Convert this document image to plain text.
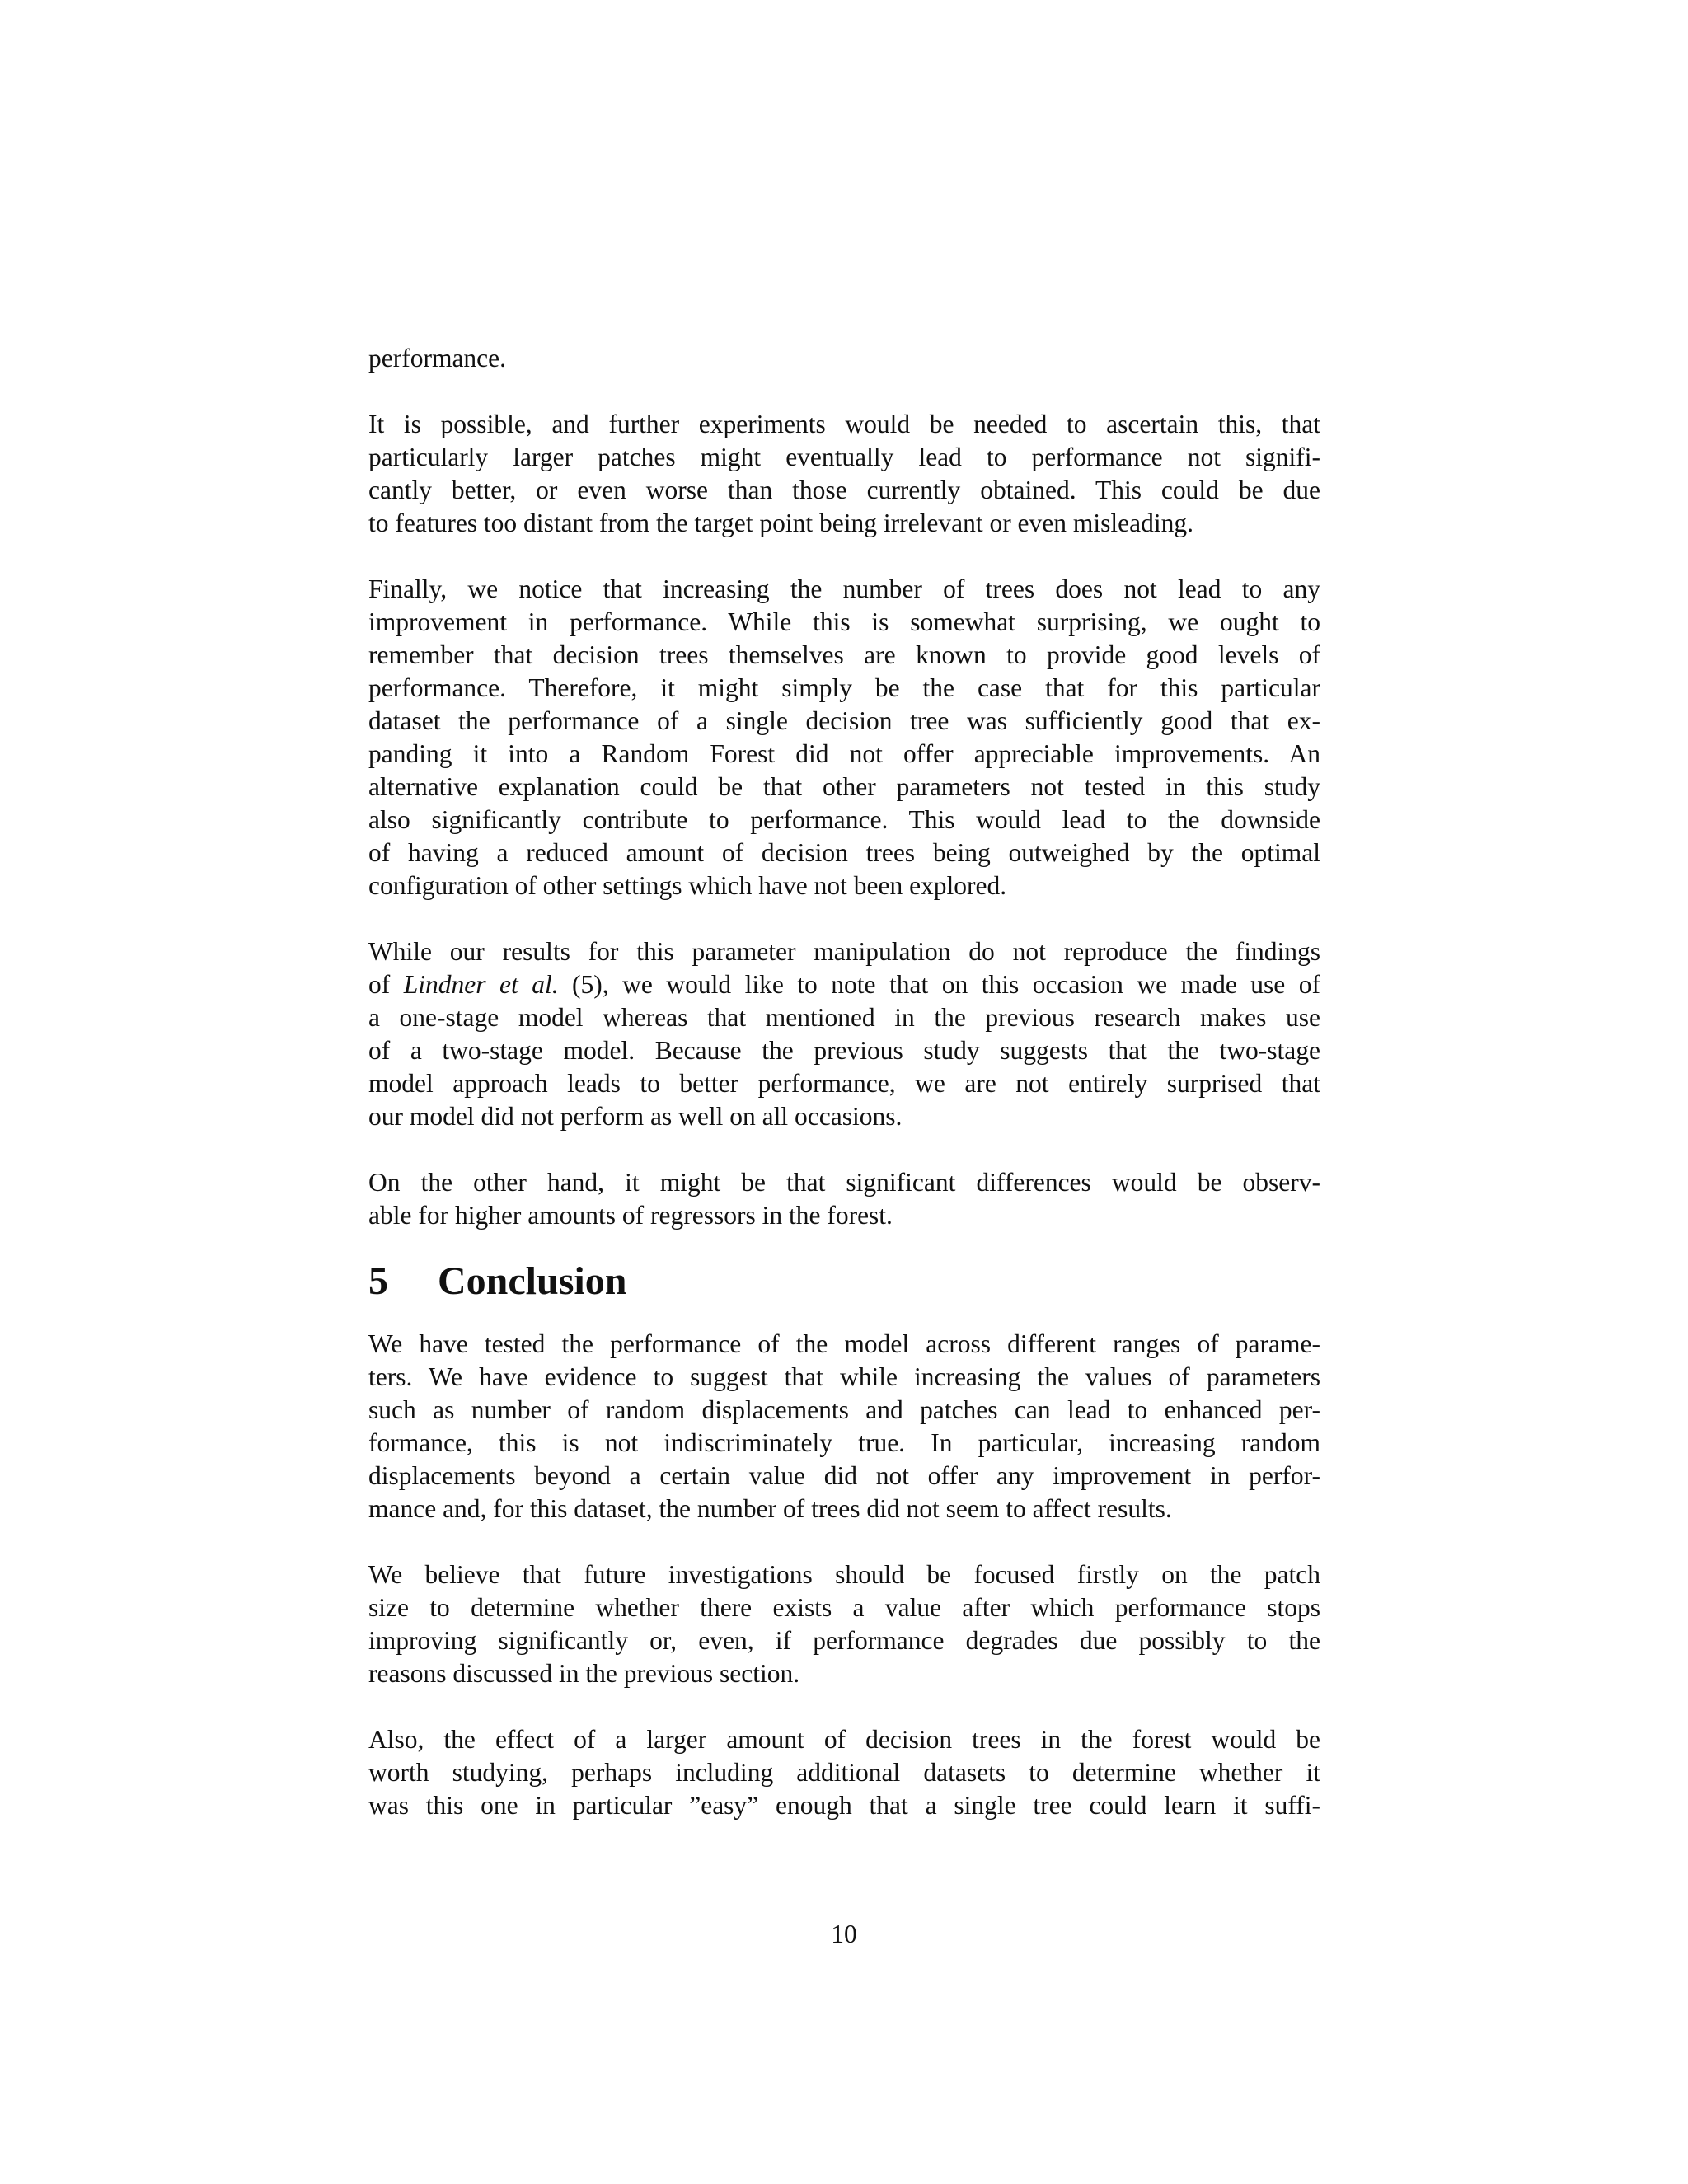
performance.

It is possible, and further experiments would be needed to ascertain this, that
particularly larger patches might eventually lead to performance not signifi-
cantly better, or even worse than those currently obtained. This could be due
to features too distant from the target point being irrelevant or even misleading.

Finally, we notice that increasing the number of trees does not lead to any
improvement in performance. While this is somewhat surprising, we ought to
remember that decision trees themselves are known to provide good levels of
performance. Therefore, it might simply be the case that for this particular
dataset the performance of a single decision tree was sufficiently good that ex-
panding it into a Random Forest did not offer appreciable improvements. An
alternative explanation could be that other parameters not tested in this study
also significantly contribute to performance. This would lead to the downside
of having a reduced amount of decision trees being outweighed by the optimal
configuration of other settings which have not been explored.

While our results for this parameter manipulation do not reproduce the findings
of Lindner et al. (5), we would like to note that on this occasion we made use of
a one-stage model whereas that mentioned in the previous research makes use
of a two-stage model. Because the previous study suggests that the two-stage
model approach leads to better performance, we are not entirely surprised that
our model did not perform as well on all occasions.

On the other hand, it might be that significant differences would be observ-
able for higher amounts of regressors in the forest.

5	Conclusion

We have tested the performance of the model across different ranges of parame-
ters. We have evidence to suggest that while increasing the values of parameters
such as number of random displacements and patches can lead to enhanced per-
formance, this is not indiscriminately true. In particular, increasing random
displacements beyond a certain value did not offer any improvement in perfor-
mance and, for this dataset, the number of trees did not seem to affect results.

We believe that future investigations should be focused firstly on the patch
size to determine whether there exists a value after which performance stops
improving significantly or, even, if performance degrades due possibly to the
reasons discussed in the previous section.

Also, the effect of a larger amount of decision trees in the forest would be
worth studying, perhaps including additional datasets to determine whether it
was this one in particular ”easy” enough that a single tree could learn it suffi-

10
